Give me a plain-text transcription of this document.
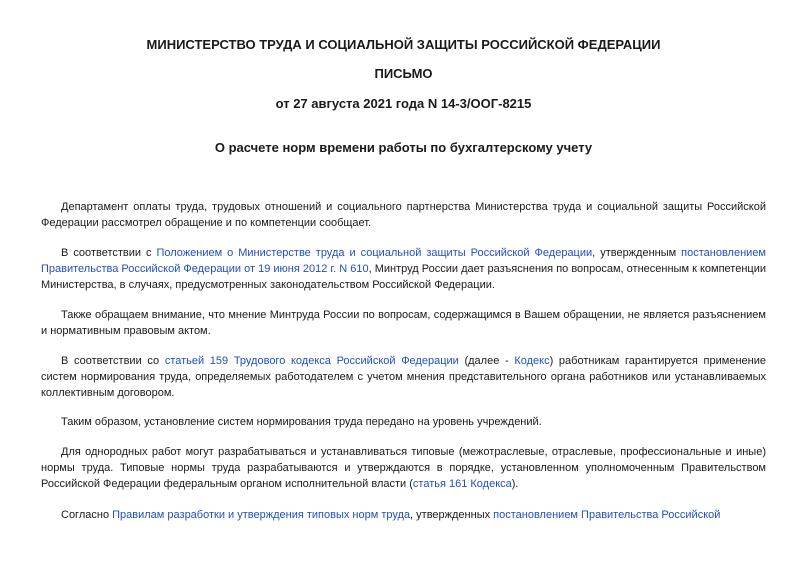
МИНИСТЕРСТВО ТРУДА И СОЦИАЛЬНОЙ ЗАЩИТЫ РОССИЙСКОЙ ФЕДЕРАЦИИ
ПИСЬМО
от 27 августа 2021 года N 14-3/ООГ-8215
О расчете норм времени работы по бухгалтерскому учету

Департамент оплаты труда, трудовых отношений и социального партнерства Министерства труда и социальной защиты Российской Федерации рассмотрел обращение и по компетенции сообщает.

В соответствии с Положением о Министерстве труда и социальной защиты Российской Федерации, утвержденным постановлением Правительства Российской Федерации от 19 июня 2012 г. N 610, Минтруд России дает разъяснения по вопросам, отнесенным к компетенции Министерства, в случаях, предусмотренных законодательством Российской Федерации.

Также обращаем внимание, что мнение Минтруда России по вопросам, содержащимся в Вашем обращении, не является разъяснением и нормативным правовым актом.

В соответствии со статьей 159 Трудового кодекса Российской Федерации (далее - Кодекс) работникам гарантируется применение систем нормирования труда, определяемых работодателем с учетом мнения представительного органа работников или устанавливаемых коллективным договором.

Таким образом, установление систем нормирования труда передано на уровень учреждений.

Для однородных работ могут разрабатываться и устанавливаться типовые (межотраслевые, отраслевые, профессиональные и иные) нормы труда. Типовые нормы труда разрабатываются и утверждаются в порядке, установленном уполномоченным Правительством Российской Федерации федеральным органом исполнительной власти (статья 161 Кодекса).

Согласно Правилам разработки и утверждения типовых норм труда, утвержденных постановлением Правительства Российской
